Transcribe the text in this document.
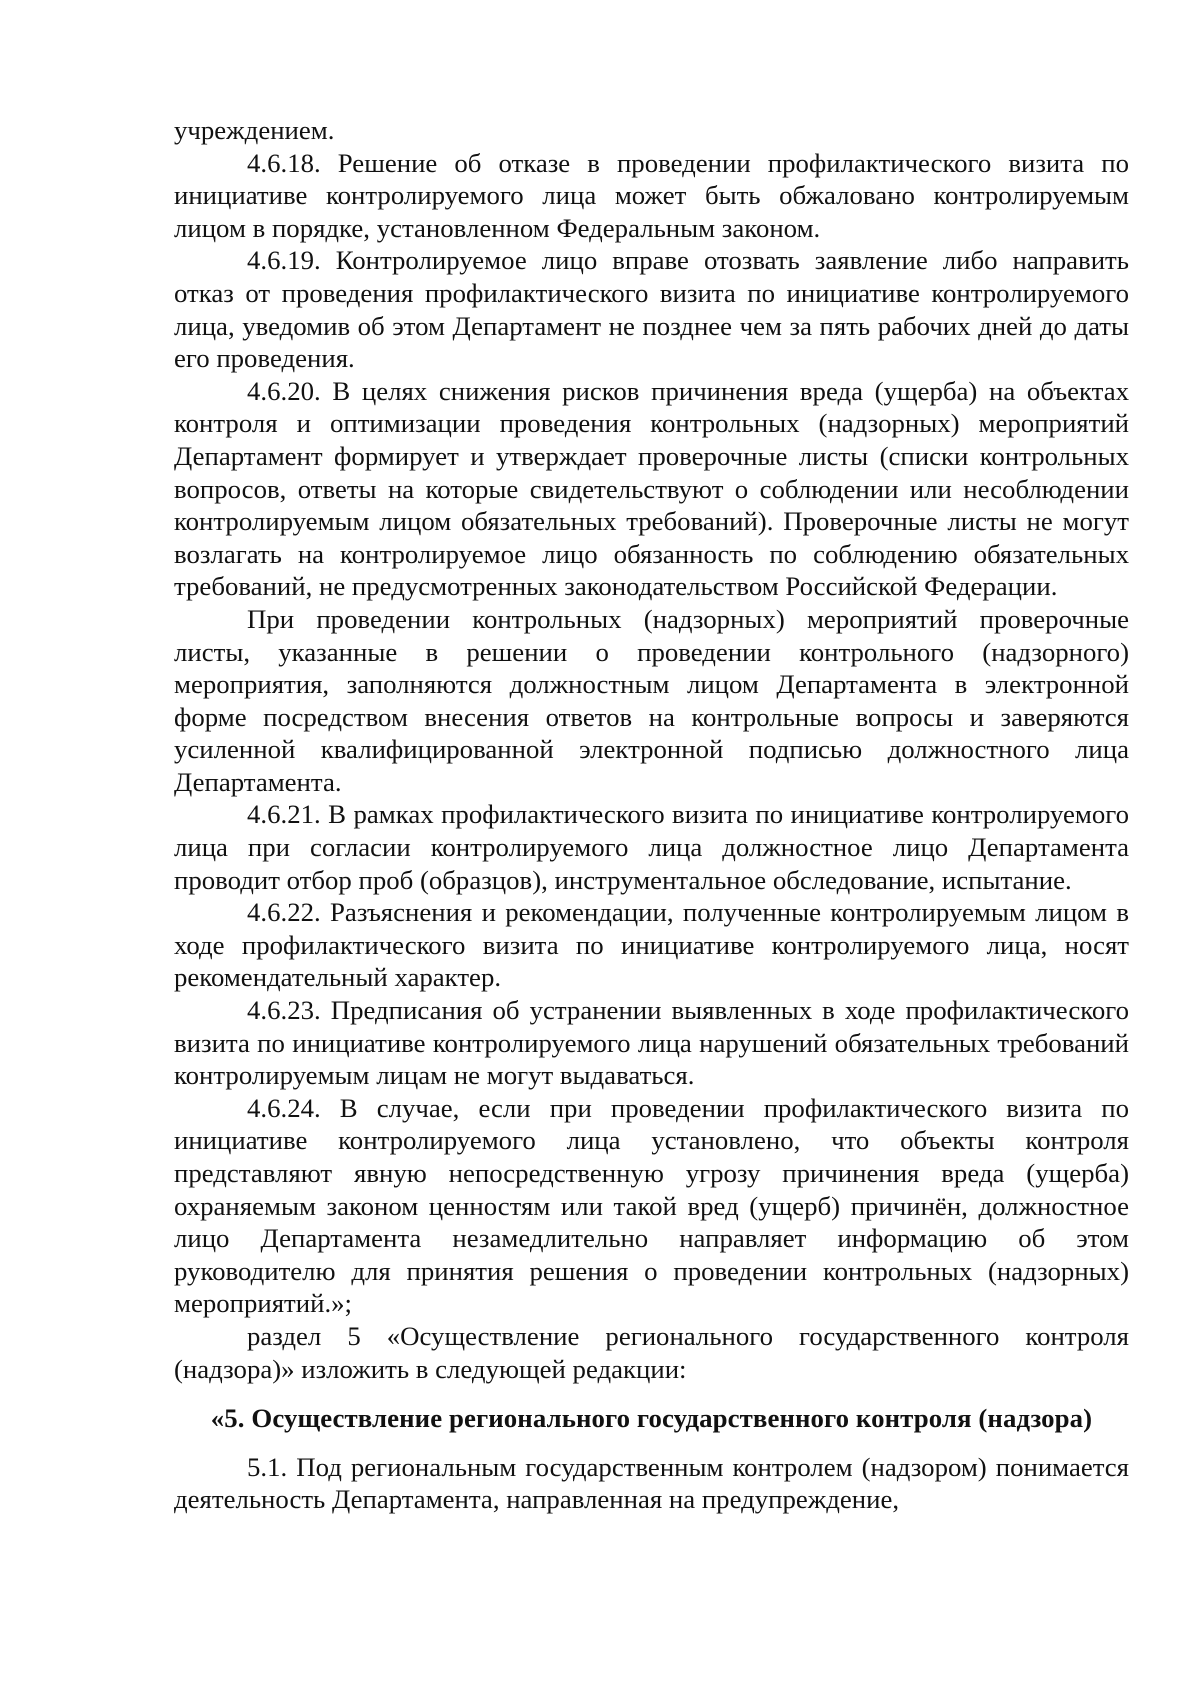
учреждением.

4.6.18. Решение об отказе в проведении профилактического визита по инициативе контролируемого лица может быть обжаловано контролируемым лицом в порядке, установленном Федеральным законом.

4.6.19. Контролируемое лицо вправе отозвать заявление либо направить отказ от проведения профилактического визита по инициативе контролируемого лица, уведомив об этом Департамент не позднее чем за пять рабочих дней до даты его проведения.

4.6.20. В целях снижения рисков причинения вреда (ущерба) на объектах контроля и оптимизации проведения контрольных (надзорных) мероприятий Департамент формирует и утверждает проверочные листы (списки контрольных вопросов, ответы на которые свидетельствуют о соблюдении или несоблюдении контролируемым лицом обязательных требований). Проверочные листы не могут возлагать на контролируемое лицо обязанность по соблюдению обязательных требований, не предусмотренных законодательством Российской Федерации.

При проведении контрольных (надзорных) мероприятий проверочные листы, указанные в решении о проведении контрольного (надзорного) мероприятия, заполняются должностным лицом Департамента в электронной форме посредством внесения ответов на контрольные вопросы и заверяются усиленной квалифицированной электронной подписью должностного лица Департамента.

4.6.21. В рамках профилактического визита по инициативе контролируемого лица при согласии контролируемого лица должностное лицо Департамента проводит отбор проб (образцов), инструментальное обследование, испытание.

4.6.22. Разъяснения и рекомендации, полученные контролируемым лицом в ходе профилактического визита по инициативе контролируемого лица, носят рекомендательный характер.

4.6.23. Предписания об устранении выявленных в ходе профилактического визита по инициативе контролируемого лица нарушений обязательных требований контролируемым лицам не могут выдаваться.

4.6.24. В случае, если при проведении профилактического визита по инициативе контролируемого лица установлено, что объекты контроля представляют явную непосредственную угрозу причинения вреда (ущерба) охраняемым законом ценностям или такой вред (ущерб) причинён, должностное лицо Департамента незамедлительно направляет информацию об этом руководителю для принятия решения о проведении контрольных (надзорных) мероприятий.»;

раздел 5 «Осуществление регионального государственного контроля (надзора)» изложить в следующей редакции:

«5. Осуществление регионального государственного контроля (надзора)

5.1. Под региональным государственным контролем (надзором) понимается деятельность Департамента, направленная на предупреждение,
